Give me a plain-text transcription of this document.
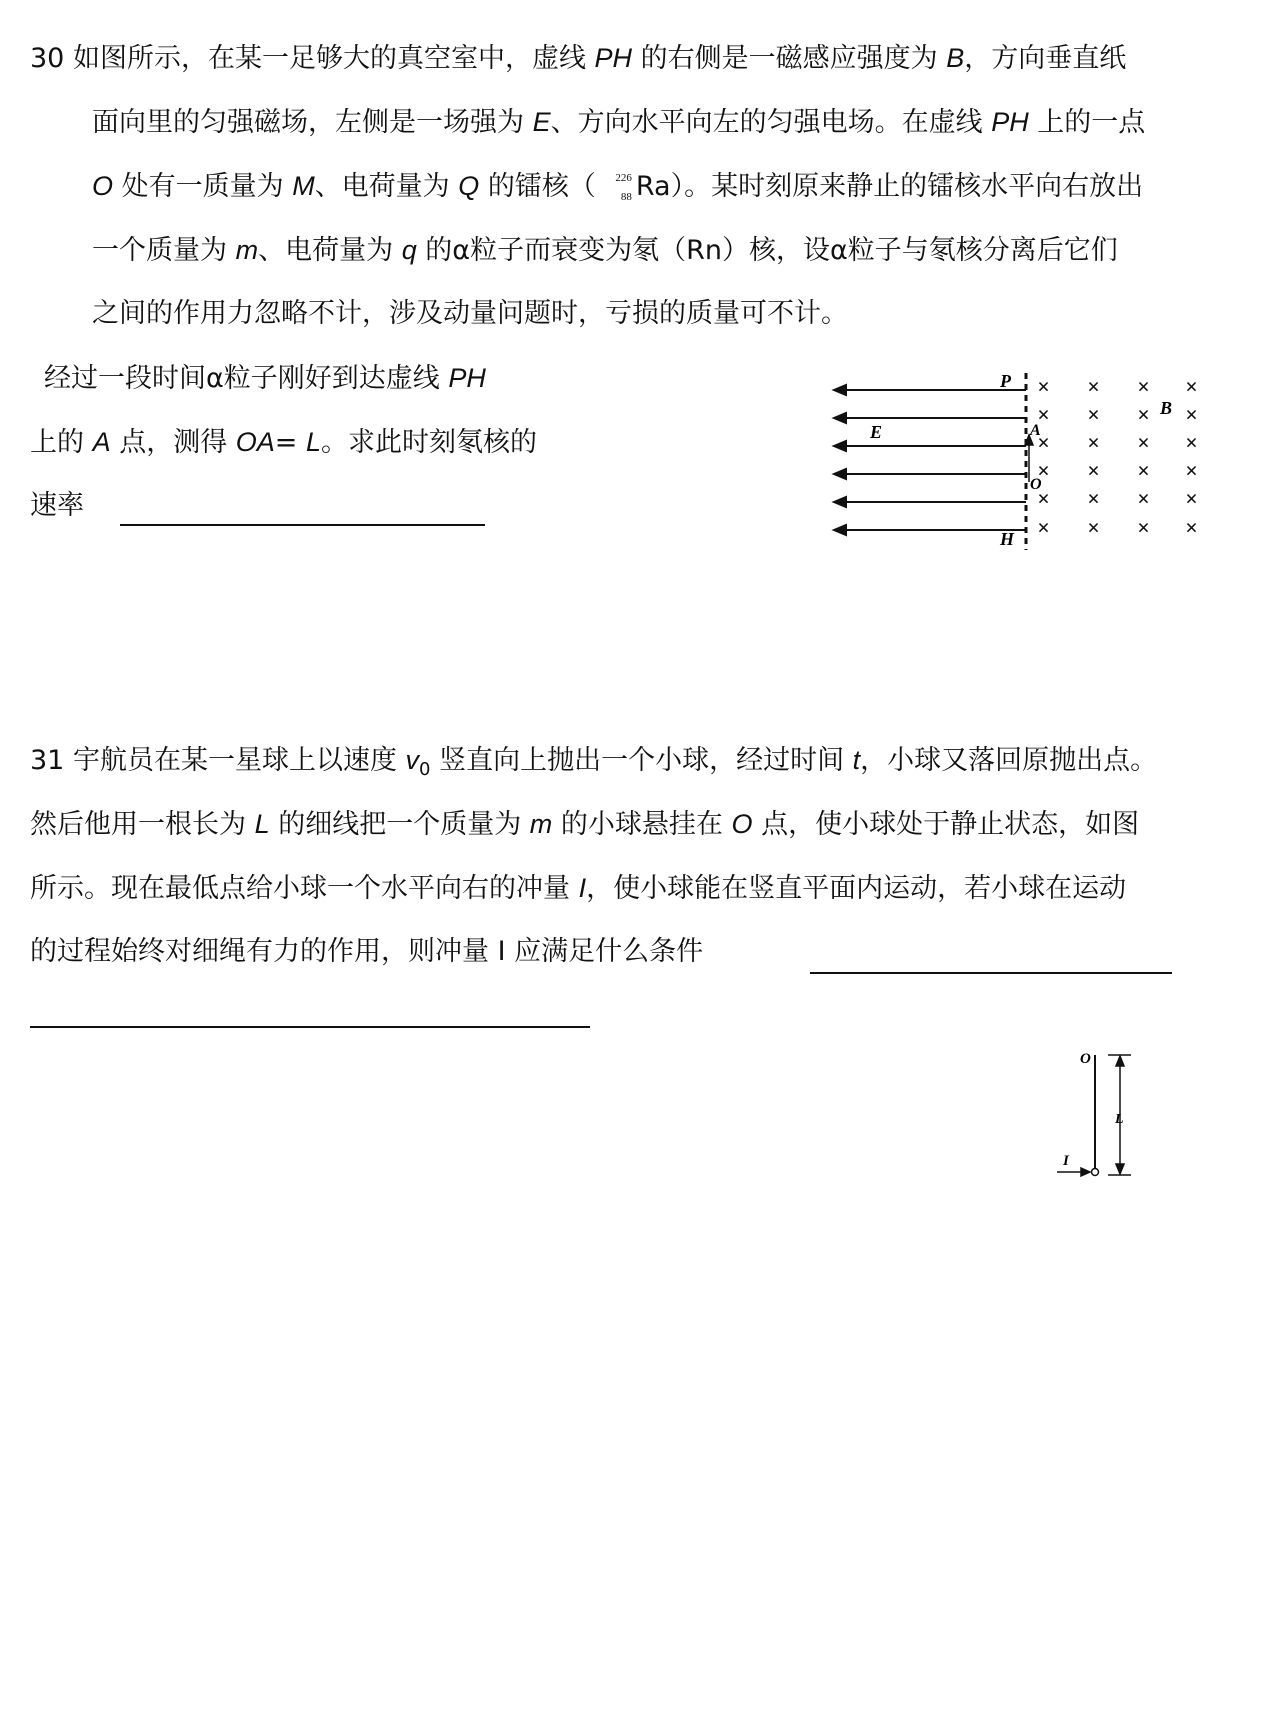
30 如图所示，在某一足够大的真空室中，虚线 PH 的右侧是一磁感应强度为 B，方向垂直纸
面向里的匀强磁场，左侧是一场强为 E、方向水平向左的匀强电场。在虚线 PH 上的一点
O 处有一质量为 M、电荷量为 Q 的镭核（ 226
88 Ra）。某时刻原来静止的镭核水平向右放出
一个质量为 m、电荷量为 q 的α粒子而衰变为氡（Rn）核，设α粒子与氡核分离后它们
之间的作用力忽略不计，涉及动量问题时，亏损的质量可不计。
经过一段时间α粒子刚好到达虚线 PH
上的 A 点，测得 OA= L。求此时刻氡核的
速率
P
H
A
O
E
B
× × × ×
× × × ×
× × × ×
× × × ×
× × × ×
× × × ×
31 宇航员在某一星球上以速度 $v_0$ 竖直向上抛出一个小球，经过时间 t，小球又落回原抛出点。
然后他用一根长为 L 的细线把一个质量为 m 的小球悬挂在 O 点，使小球处于静止状态，如图
所示。现在最低点给小球一个水平向右的冲量 I，使小球能在竖直平面内运动，若小球在运动
的过程始终对细绳有力的作用，则冲量 I 应满足什么条件
O
L
I
